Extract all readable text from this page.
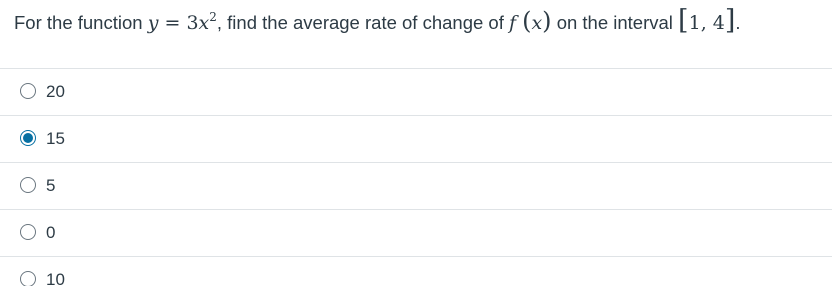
For the function $y = 3x^2$, find the average rate of change of f (x) on the interval [1, 4].
20
15
5
0
10
